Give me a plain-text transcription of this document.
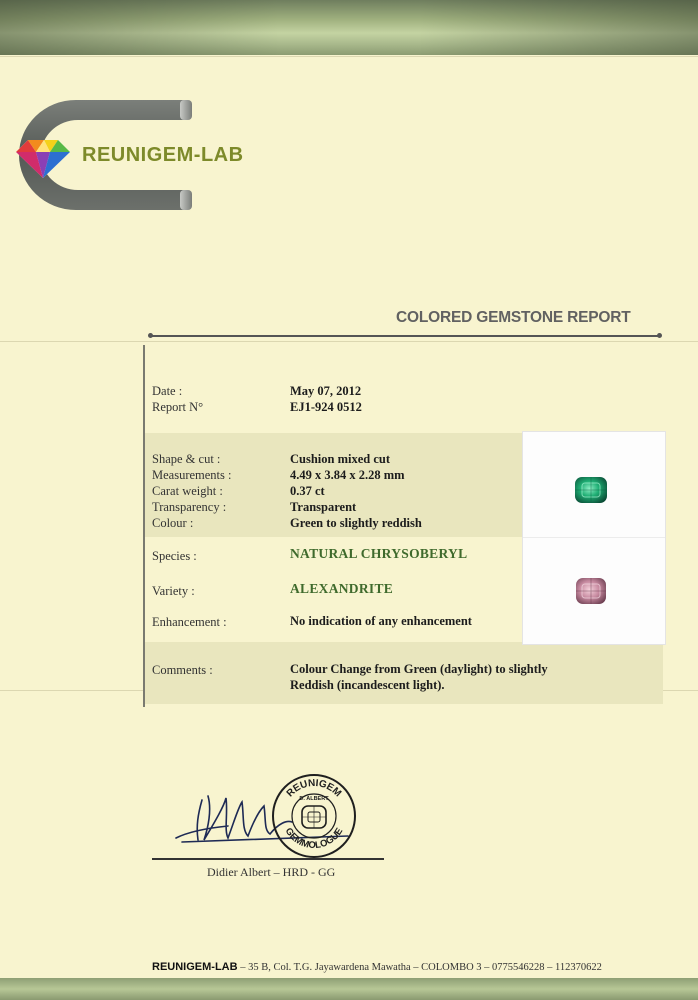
REUNIGEM-LAB
COLORED GEMSTONE REPORT
Date :	May 07, 2012
Report N°	EJ1-924 0512
Shape & cut :	Cushion mixed cut
Measurements :	4.49 x 3.84 x 2.28 mm
Carat weight :	0.37 ct
Transparency :	Transparent
Colour :	Green to slightly reddish
Species :	NATURAL CHRYSOBERYL
Variety :	ALEXANDRITE
Enhancement :	No indication of any enhancement
Comments :	Colour Change from Green (daylight) to slightly
Reddish (incandescent light).
REUNIGEM
GEMMOLOGUE
D. ALBERT
Didier Albert – HRD - GG
REUNIGEM-LAB – 35 B, Col. T.G. Jayawardena Mawatha – COLOMBO 3 – 0775546228 – 112370622
